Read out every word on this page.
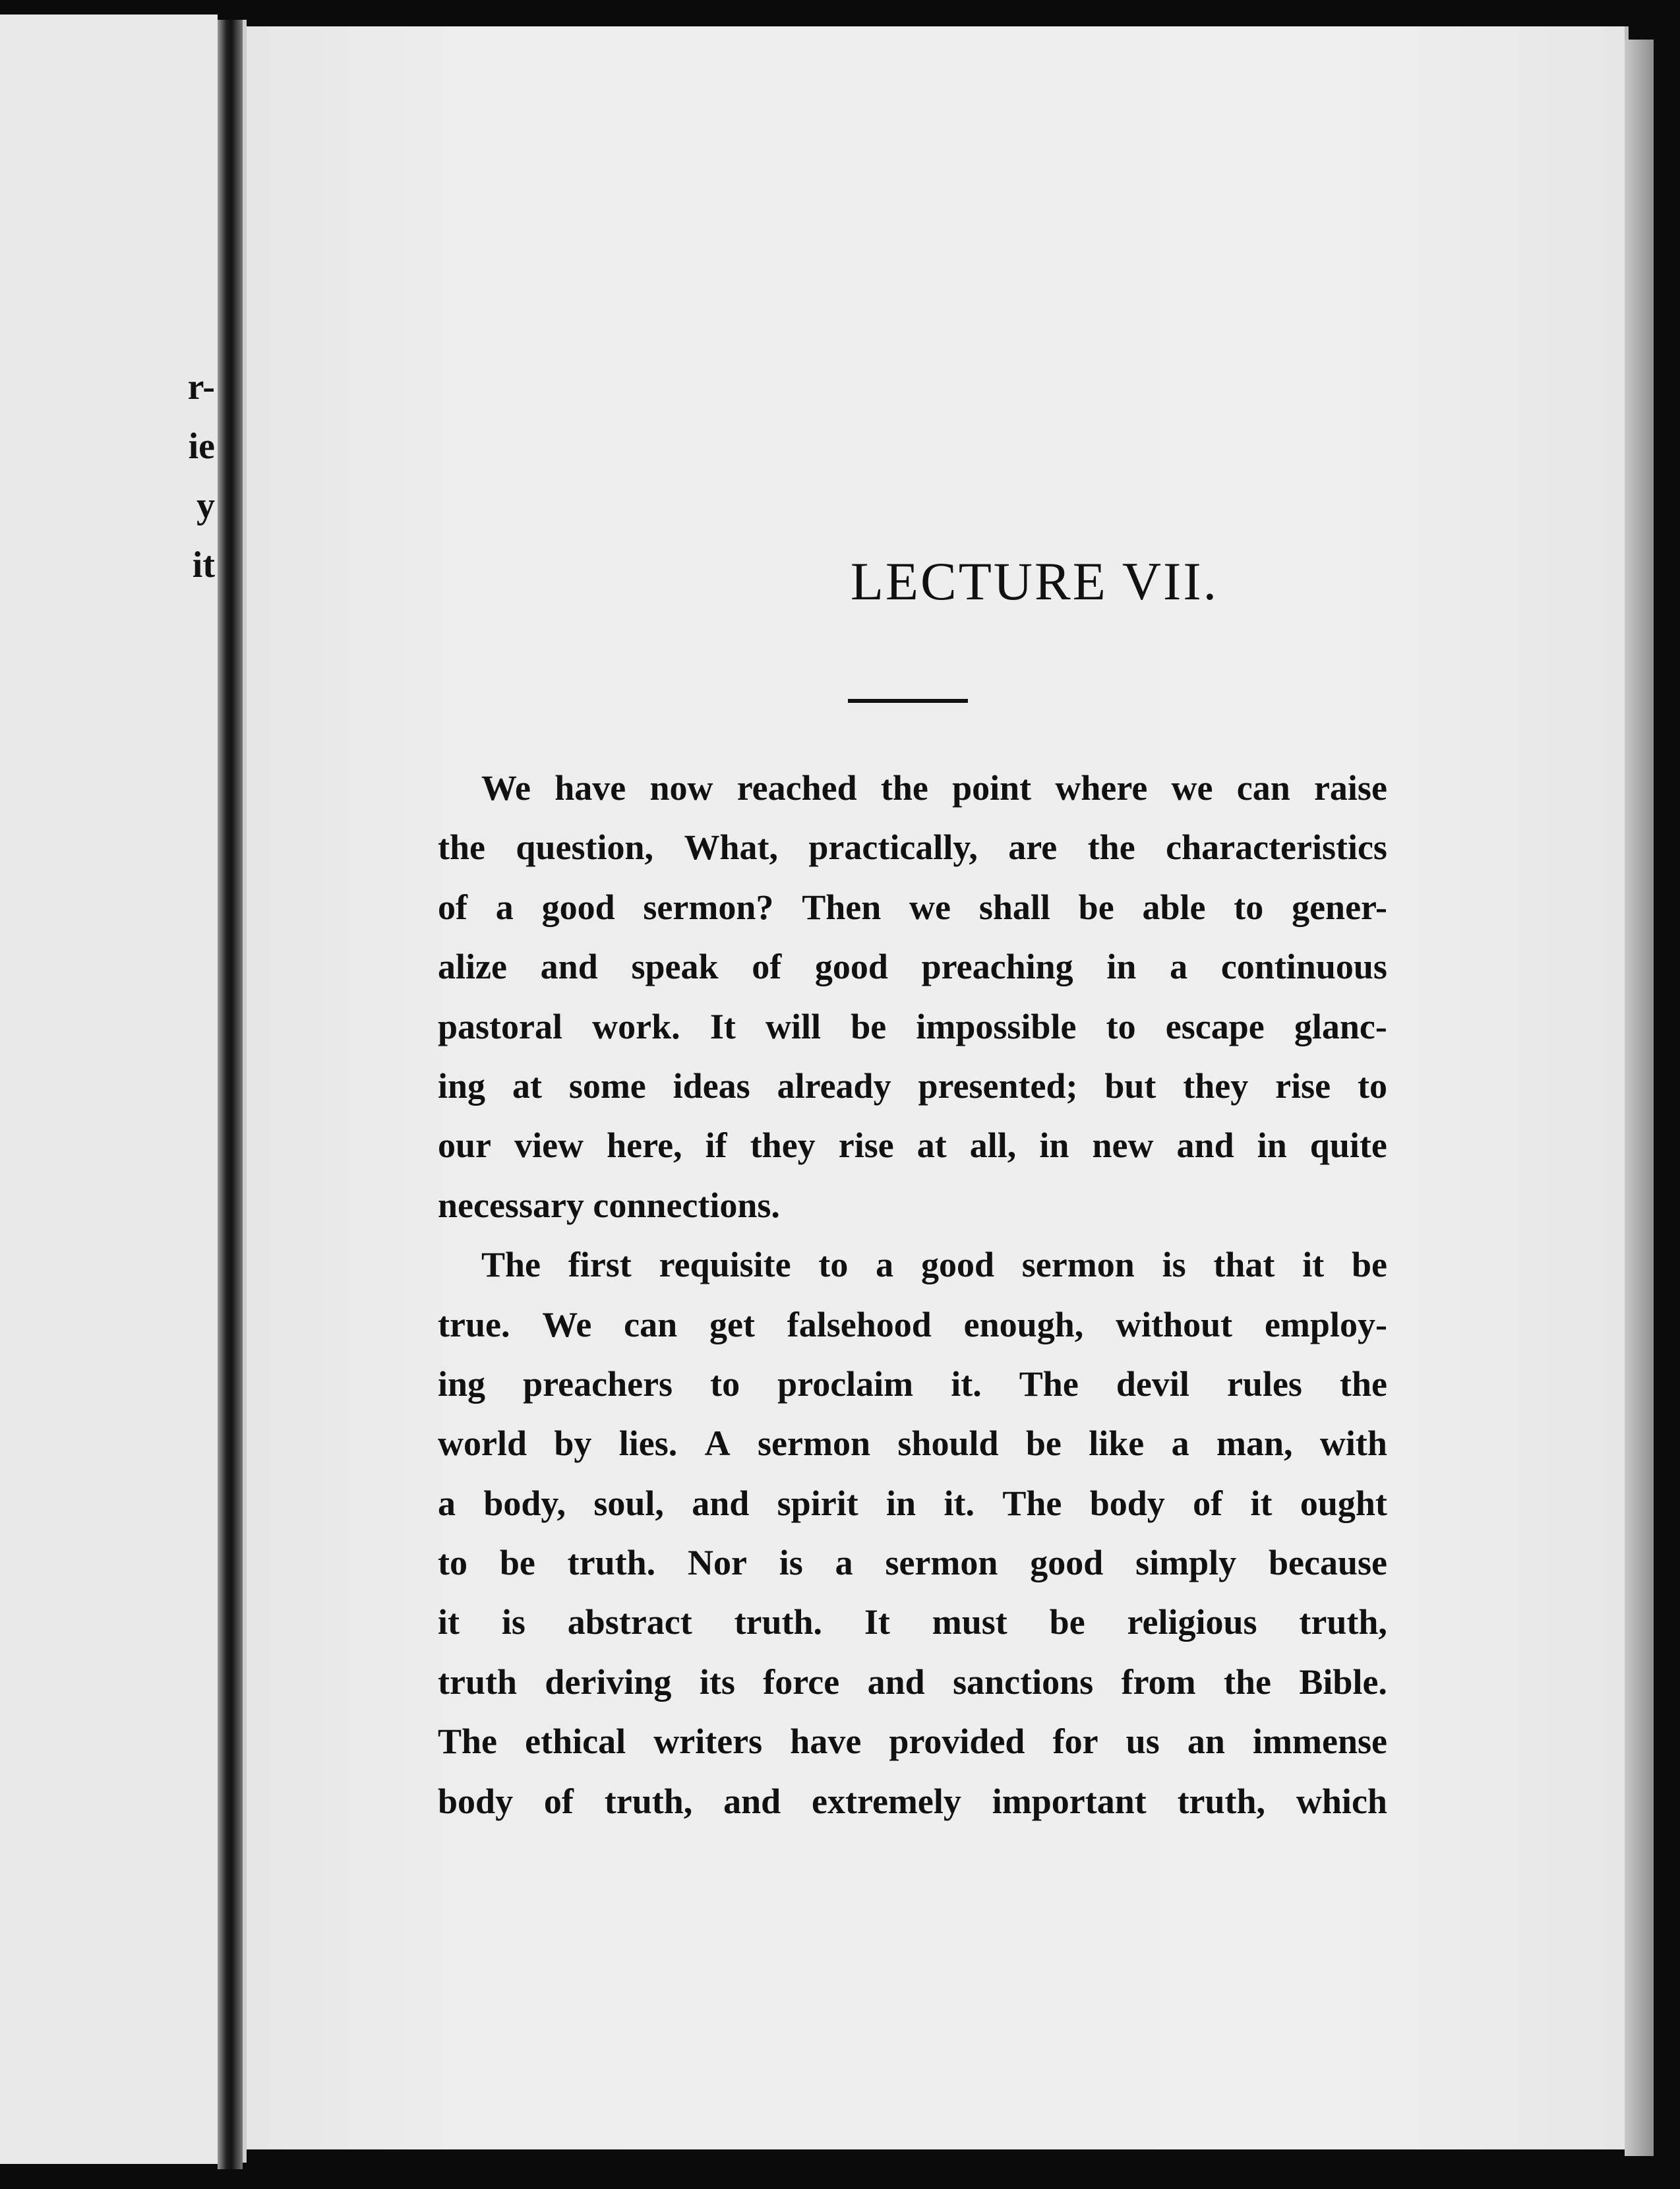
r-
ie
y
it	LECTURE VII.
We have now reached the point where we can raise
the question, What, practically, are the characteristics
of a good sermon? Then we shall be able to gener-
alize and speak of good preaching in a continuous
pastoral work. It will be impossible to escape glanc-
ing at some ideas already presented; but they rise to
our view here, if they rise at all, in new and in quite
necessary connections.
The first requisite to a good sermon is that it be
true. We can get falsehood enough, without employ-
ing preachers to proclaim it. The devil rules the
world by lies. A sermon should be like a man, with
a body, soul, and spirit in it. The body of it ought
to be truth. Nor is a sermon good simply because
it is abstract truth. It must be religious truth,
truth deriving its force and sanctions from the Bible.
The ethical writers have provided for us an immense
body of truth, and extremely important truth, which
